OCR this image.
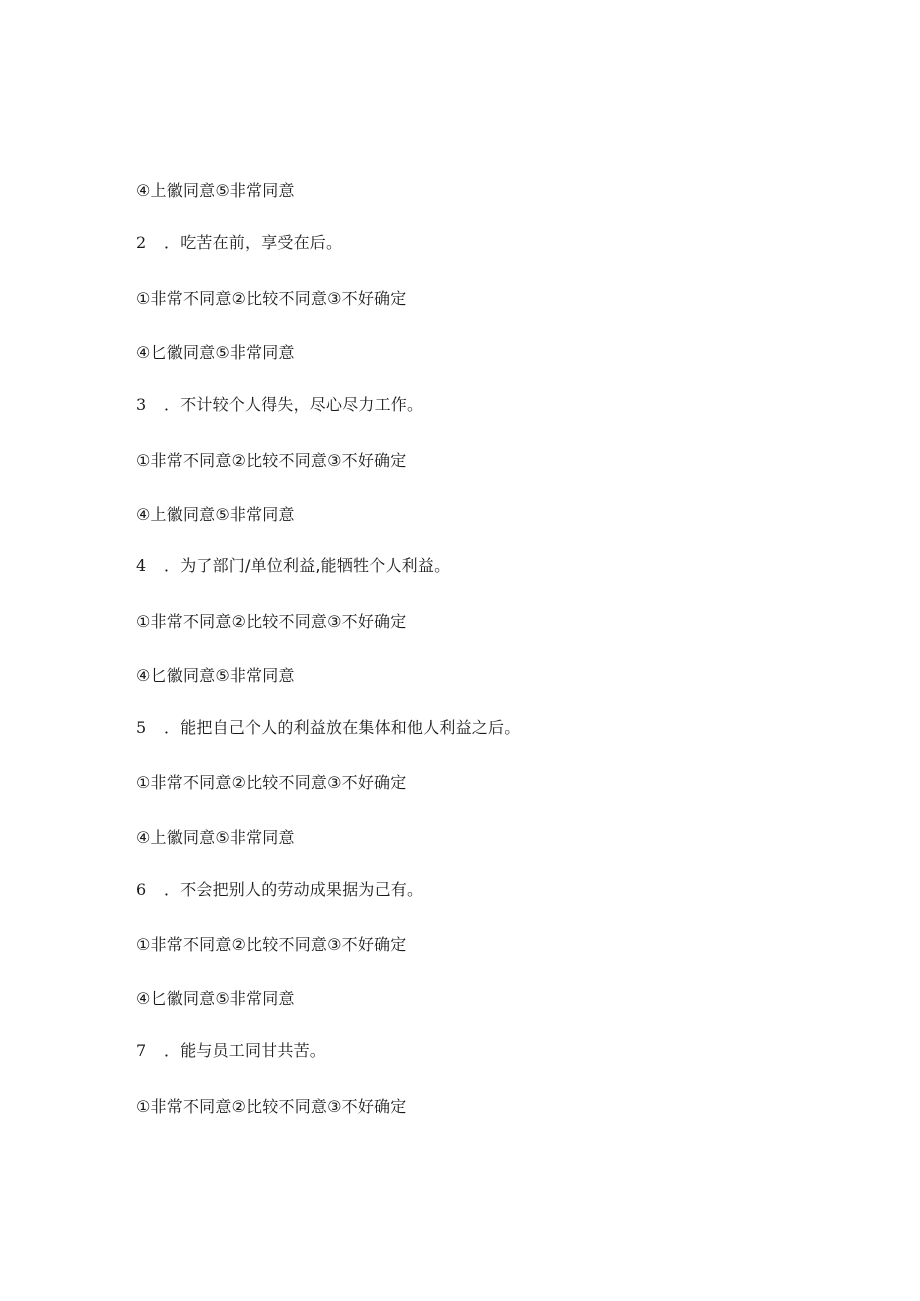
④上徽同意⑤非常同意
2 ．吃苦在前，享受在后。
①非常不同意②比较不同意③不好确定
④匕徽同意⑤非常同意
3 ．不计较个人得失，尽心尽力工作。
①非常不同意②比较不同意③不好确定
④上徽同意⑤非常同意
4 ．为了部门/单位利益,能牺牲个人利益。
①非常不同意②比较不同意③不好确定
④匕徽同意⑤非常同意
5 ．能把自己个人的利益放在集体和他人利益之后。
①非常不同意②比较不同意③不好确定
④上徽同意⑤非常同意
6 ．不会把别人的劳动成果据为己有。
①非常不同意②比较不同意③不好确定
④匕徽同意⑤非常同意
7 ．能与员工同甘共苦。
①非常不同意②比较不同意③不好确定
